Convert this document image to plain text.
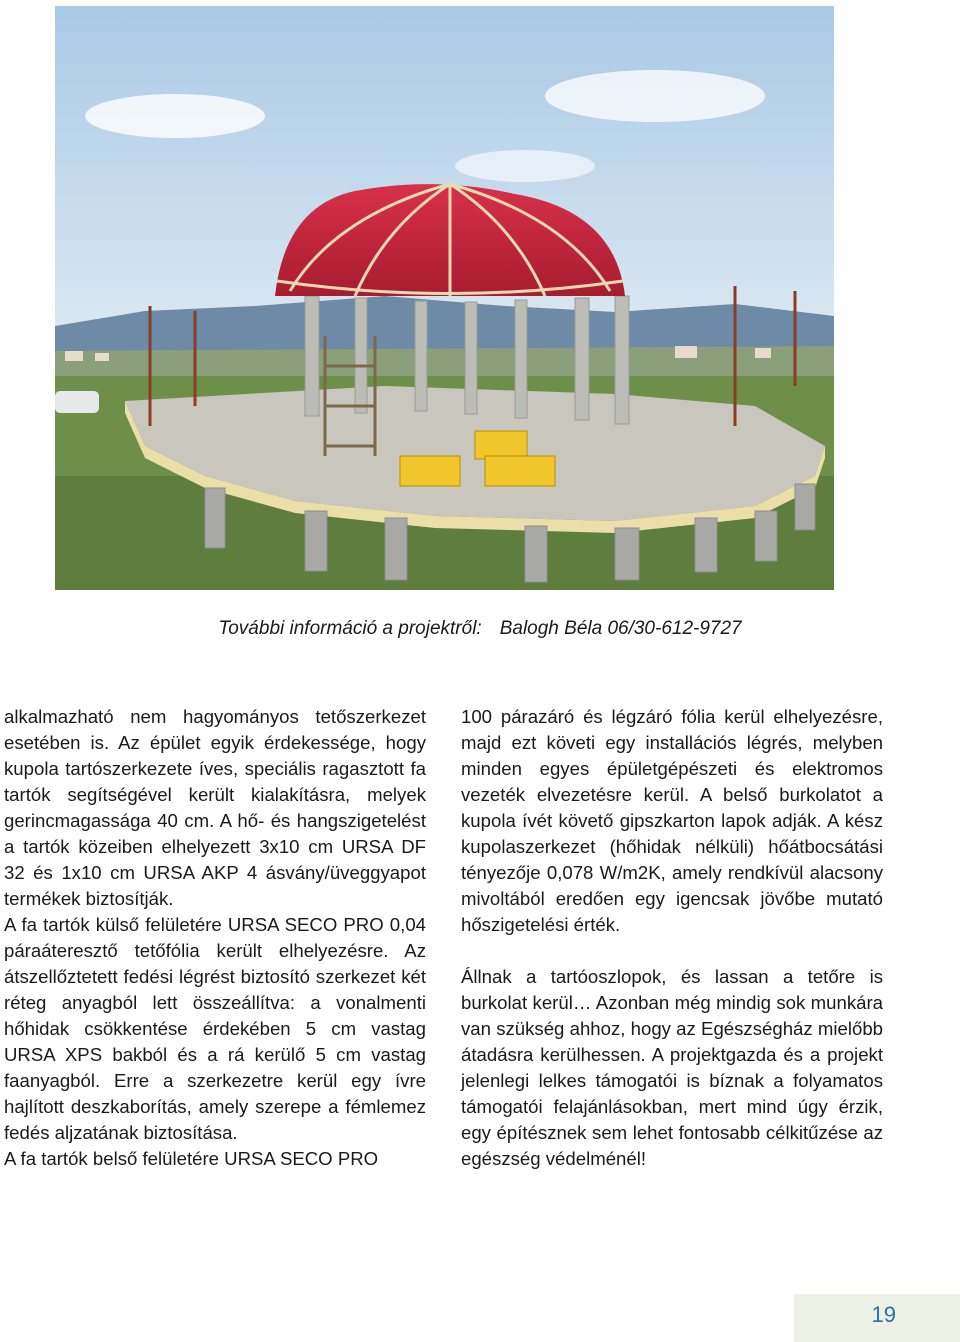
További információ a projektről: Balogh Béla 06/30-612-9727

alkalmazható nem hagyományos tetőszerkezet esetében is. Az épület egyik érdekessége, hogy kupola tartószerkezete íves, speciális ragasztott fa tartók segítségével került kialakításra, melyek gerincmagassága 40 cm. A hő- és hangszigetelést a tartók közeiben elhelyezett 3x10 cm URSA DF 32 és 1x10 cm URSA AKP 4 ásvány/üveggyapot termékek biztosítják.

A fa tartók külső felületére URSA SECO PRO 0,04 páraáteresztő tetőfólia került elhelyezésre. Az átszellőztetett fedési légrést biztosító szerkezet két réteg anyagból lett összeállítva: a vonalmenti hőhidak csökkentése érdekében 5 cm vastag URSA XPS bakból és a rá kerülő 5 cm vastag faanyagból. Erre a szerkezetre kerül egy ívre hajlított deszkaborítás, amely szerepe a fémlemez fedés aljzatának biztosítása.

A fa tartók belső felületére URSA SECO PRO

100 párazáró és légzáró fólia kerül elhelyezésre, majd ezt követi egy installációs légrés, melyben minden egyes épületgépészeti és elektromos vezeték elvezetésre kerül. A belső burkolatot a kupola ívét követő gipszkarton lapok adják. A kész kupolaszerkezet (hőhidak nélküli) hőátbocsátási tényezője 0,078 W/m2K, amely rendkívül alacsony mivoltából eredően egy igencsak jövőbe mutató hőszigetelési érték.

Állnak a tartóoszlopok, és lassan a tetőre is burkolat kerül… Azonban még mindig sok munkára van szükség ahhoz, hogy az Egészségház mielőbb átadásra kerülhessen. A projektgazda és a projekt jelenlegi lelkes támogatói is bíznak a folyamatos támogatói felajánlásokban, mert mind úgy érzik, egy építésznek sem lehet fontosabb célkitűzése az egészség védelménél!

19
